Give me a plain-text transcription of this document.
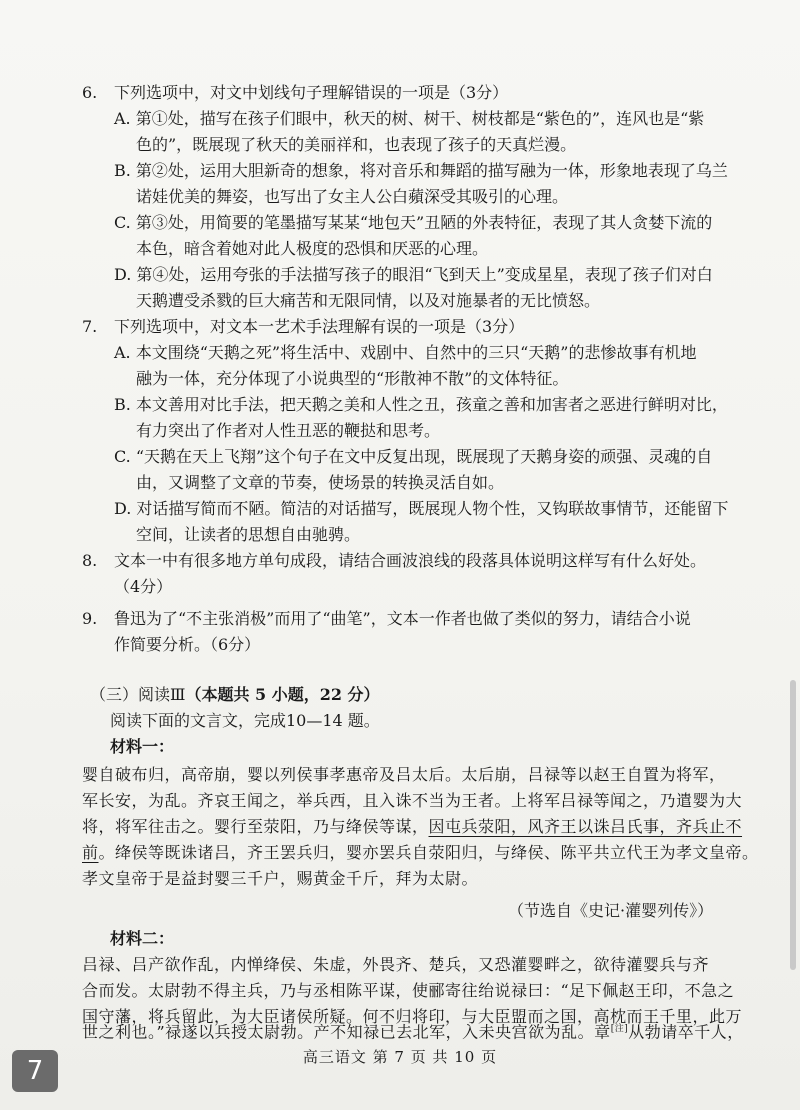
6. 下列选项中，对文中划线句子理解错误的一项是（3分）
A. 第①处，描写在孩子们眼中，秋天的树、树干、树枝都是“紫色的”，连风也是“紫
色的”，既展现了秋天的美丽祥和，也表现了孩子的天真烂漫。
B. 第②处，运用大胆新奇的想象，将对音乐和舞蹈的描写融为一体，形象地表现了乌兰
诺娃优美的舞姿，也写出了女主人公白蘋深受其吸引的心理。
C. 第③处，用简要的笔墨描写某某“地包天”丑陋的外表特征，表现了其人贪婪下流的
本色，暗含着她对此人极度的恐惧和厌恶的心理。
D. 第④处，运用夸张的手法描写孩子的眼泪“飞到天上”变成星星，表现了孩子们对白
天鹅遭受杀戮的巨大痛苦和无限同情，以及对施暴者的无比愤怒。
7. 下列选项中，对文本一艺术手法理解有误的一项是（3分）
A. 本文围绕“天鹅之死”将生活中、戏剧中、自然中的三只“天鹅”的悲惨故事有机地
融为一体，充分体现了小说典型的“形散神不散”的文体特征。
B. 本文善用对比手法，把天鹅之美和人性之丑，孩童之善和加害者之恶进行鲜明对比，
有力突出了作者对人性丑恶的鞭挞和思考。
C. “天鹅在天上飞翔”这个句子在文中反复出现，既展现了天鹅身姿的顽强、灵魂的自
由，又调整了文章的节奏，使场景的转换灵活自如。
D. 对话描写简而不陋。简洁的对话描写，既展现人物个性，又钩联故事情节，还能留下
空间，让读者的思想自由驰骋。
8. 文本一中有很多地方单句成段，请结合画波浪线的段落具体说明这样写有什么好处。
（4分）
9. 鲁迅为了“不主张消极”而用了“曲笔”，文本一作者也做了类似的努力，请结合小说
作简要分析。（6分）
（三）阅读Ⅲ（本题共 5 小题，22 分）
阅读下面的文言文，完成10—14 题。
材料一：
婴自破布归，高帝崩，婴以列侯事孝惠帝及吕太后。太后崩，吕禄等以赵王自置为将军，
军长安，为乱。齐哀王闻之，举兵西，且入诛不当为王者。上将军吕禄等闻之，乃遣婴为大
将，将军往击之。婴行至荥阳，乃与绛侯等谋，因屯兵荥阳，风齐王以诛吕氏事，齐兵止不
前。绛侯等既诛诸吕，齐王罢兵归，婴亦罢兵自荥阳归，与绛侯、陈平共立代王为孝文皇帝。
孝文皇帝于是益封婴三千户，赐黄金千斤，拜为太尉。
（节选自《史记·灌婴列传》）
材料二：
吕禄、吕产欲作乱，内惮绛侯、朱虚，外畏齐、楚兵，又恐灌婴畔之，欲待灌婴兵与齐
合而发。太尉勃不得主兵，乃与丞相陈平谋，使郦寄往绐说禄曰：“足下佩赵王印，不急之
国守藩，将兵留此，为大臣诸侯所疑。何不归将印，与大臣盟而之国，高枕而王千里，此万
世之利也。”禄遂以兵授太尉勃。产不知禄已去北军，入未央宫欲为乱。章[注]从勃请卒千人，
高三语文 第 7 页 共 10 页
7
